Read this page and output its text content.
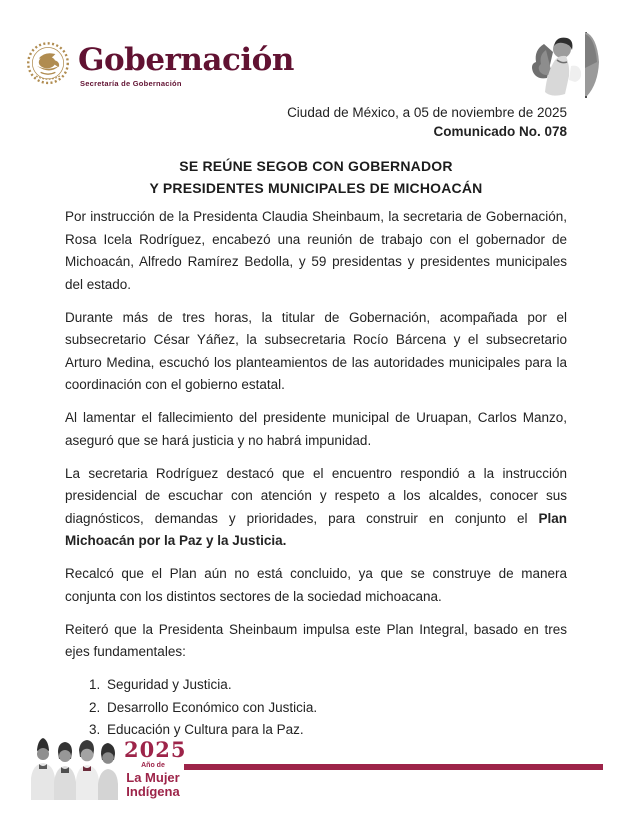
Gobernación
Secretaría de Gobernación
Ciudad de México, a 05 de noviembre de 2025
Comunicado No. 078
SE REÚNE SEGOB CON GOBERNADOR
Y PRESIDENTES MUNICIPALES DE MICHOACÁN

Por instrucción de la Presidenta Claudia Sheinbaum, la secretaria de Gobernación, Rosa Icela Rodríguez, encabezó una reunión de trabajo con el gobernador de Michoacán, Alfredo Ramírez Bedolla, y 59 presidentas y presidentes municipales del estado.

Durante más de tres horas, la titular de Gobernación, acompañada por el subsecretario César Yáñez, la subsecretaria Rocío Bárcena y el subsecretario Arturo Medina, escuchó los planteamientos de las autoridades municipales para la coordinación con el gobierno estatal.

Al lamentar el fallecimiento del presidente municipal de Uruapan, Carlos Manzo, aseguró que se hará justicia y no habrá impunidad.

La secretaria Rodríguez destacó que el encuentro respondió a la instrucción presidencial de escuchar con atención y respeto a los alcaldes, conocer sus diagnósticos, demandas y prioridades, para construir en conjunto el Plan Michoacán por la Paz y la Justicia.

Recalcó que el Plan aún no está concluido, ya que se construye de manera conjunta con los distintos sectores de la sociedad michoacana.

Reiteró que la Presidenta Sheinbaum impulsa este Plan Integral, basado en tres ejes fundamentales:

1. Seguridad y Justicia.
2. Desarrollo Económico con Justicia.
3. Educación y Cultura para la Paz.
2025
Año de
La Mujer
Indígena
